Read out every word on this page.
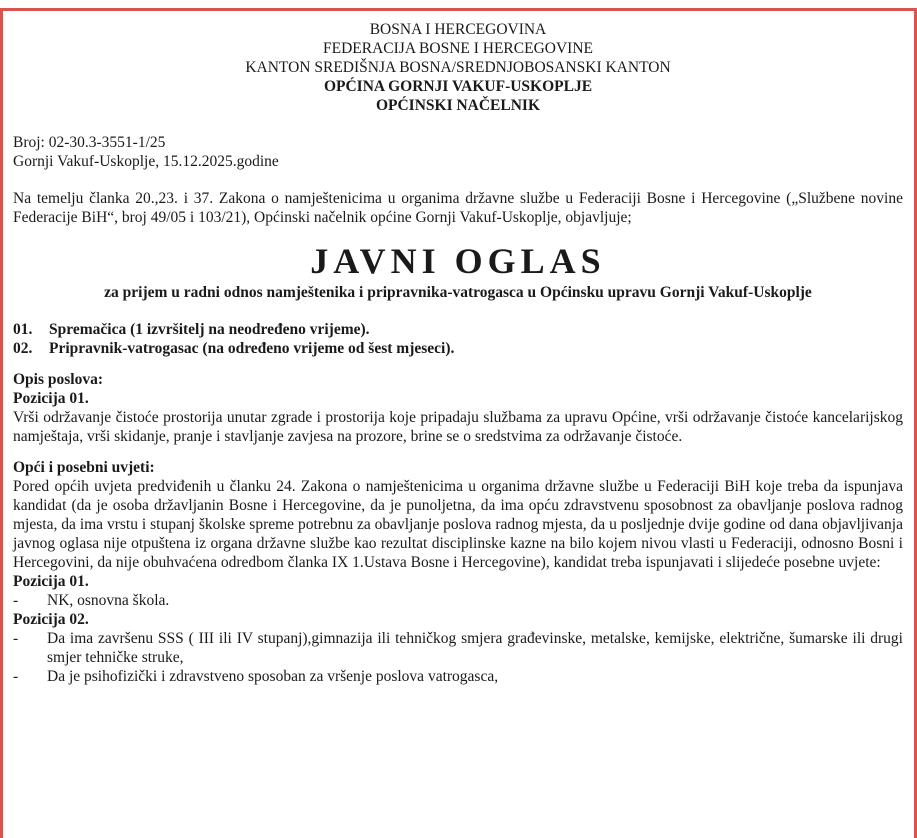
BOSNA I HERCEGOVINA
FEDERACIJA BOSNE I HERCEGOVINE
KANTON SREDIŠNJA BOSNA/SREDNJOBOSANSKI KANTON
OPĆINA GORNJI VAKUF-USKOPLJE
OPĆINSKI NAČELNIK
Broj: 02-30.3-3551-1/25
Gornji Vakuf-Uskoplje, 15.12.2025.godine
Na temelju članka 20.,23. i 37. Zakona o namještenicima u organima državne službe u Federaciji Bosne i Hercegovine („Službene novine Federacije BiH“, broj 49/05 i 103/21), Općinski načelnik općine Gornji Vakuf-Uskoplje, objavljuje;
JAVNI OGLAS
za prijem u radni odnos namještenika i pripravnika-vatrogasca u Općinsku upravu Gornji Vakuf-Uskoplje
01.	Spremačica (1 izvršitelj na neodređeno vrijeme).
02.	Pripravnik-vatrogasac (na određeno vrijeme od šest mjeseci).
Opis poslova:
Pozicija 01.
Vrši održavanje čistoće prostorija unutar zgrade i prostorija koje pripadaju službama za upravu Općine, vrši održavanje čistoće kancelarijskog namještaja, vrši skidanje, pranje i stavljanje zavjesa na prozore, brine se o sredstvima za održavanje čistoće.
Opći i posebni uvjeti:
Pored općih uvjeta predviđenih u članku 24. Zakona o namještenicima u organima državne službe u Federaciji BiH koje treba da ispunjava kandidat (da je osoba državljanin Bosne i Hercegovine, da je punoljetna, da ima opću zdravstvenu sposobnost za obavljanje poslova radnog mjesta, da ima vrstu i stupanj školske spreme potrebnu za obavljanje poslova radnog mjesta, da u posljednje dvije godine od dana objavljivanja javnog oglasa nije otpuštena iz organa državne službe kao rezultat disciplinske kazne na bilo kojem nivou vlasti u Federaciji, odnosno Bosni i Hercegovini, da nije obuhvaćena odredbom članka IX 1.Ustava Bosne i Hercegovine), kandidat treba ispunjavati i slijedeće posebne uvjete:
Pozicija 01.
-	NK, osnovna škola.
Pozicija 02.
-	Da ima završenu SSS ( III ili IV stupanj),gimnazija ili tehničkog smjera građevinske, metalske, kemijske, električne, šumarske ili drugi smjer tehničke struke,
-	Da je psihofizički i zdravstveno sposoban za vršenje poslova vatrogasca,
